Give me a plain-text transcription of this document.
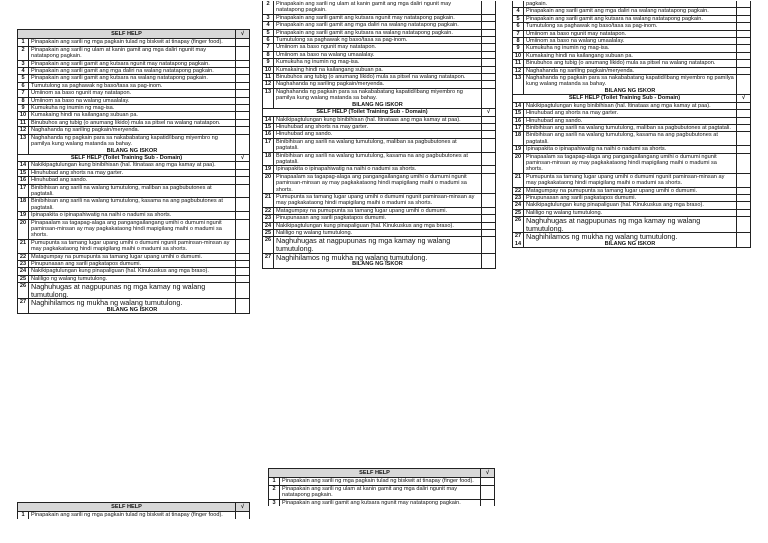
SELF HELP	√
1	Pinapakain ang sarili ng mga pagkain tulad ng biskwit at tinapay (finger food).
2	Pinapakain ang sarili ng ulam at kanin gamit ang mga daliri ngunit may natatapong pagkain.
3	Pinapakain ang sarili gamit ang kutsara ngunit may natatapong pagkain.
4	Pinapakain ang sarili gamit ang mga daliri na walang natatapong pagkain.
5	Pinapakain ang sarili gamit ang kutsara na walang natatapong pagkain.
6	Tumutulong sa paghawak ng baso/tasa sa pag-inom.
7	Umiinom sa baso ngunit may natatapon.
8	Umiinom sa baso na walang umaalalay.
9	Kumukuha ng inumin ng mag-isa.
10 Kumakaing hindi na kailangang subuan pa.
11 Binubuhos ang tubig (o anumang likido) mula sa pitsel na walang natatapon.
12 Naghahanda ng sariling pagkain/meryenda.
13 Naghahanda ng pagkain para sa nakababatang kapatid/ibang miyembro ng pamilya kung walang matanda sa bahay.
BILANG NG ISKOR
SELF HELP (Toilet Training Sub - Domain)	√
14 Nakikipagtulungan kung binibihisan (hal. Itinataas ang mga kamay at paa).
15 Hinuhubad ang shorts na may garter.
16 Hinuhubad ang sando.
17 Binibihisan ang sarili na walang tumutulong, maliban sa pagbubutones at pagtatali.
18 Binibihisan ang sarili na walang tumutulong, kasama na ang pagbubutones at pagtatali.
19 Ipinapakita o ipinapahiwatig na naihi o nadumi sa shorts.
20 Pinapaalam sa tagapag-alaga ang pangangailangang umihi o dumumi ngunit paminsan-minsan ay may pagkakataong hindi mapigilang maihi o madumi sa shorts.
21 Pumupunta sa tamang lugar upang umihi o dumumi ngunit paminsan-minsan ay may pagkakataong hindi mapigilang maihi o madumi sa shorts.
22 Matagumpay na pumupunta sa tamang lugar upang umihi o dumumi.
23 Pinupunasan ang sarili pagkatapos dumumi.
24 Nakikipagtulungan kung pinapaliguan (hal. Kinukuskus ang mga braso).
25 Naliligo ng walang tumutulong.
26 Naghuhugas at nagpupunas ng mga kamay ng walang tumutulong.
27 Naghihilamos ng mukha ng walang tumutulong.
BILANG NG ISKOR
SELF HELP	√
1	Pinapakain ang sarili ng mga pagkain tulad ng biskwit at tinapay (finger food).
2	Pinapakain ang sarili ng ulam at kanin gamit ang mga daliri ngunit may natatapong pagkain.
3	Pinapakain ang sarili gamit ang kutsara ngunit may natatapong pagkain.
4	Pinapakain ang sarili gamit ang mga daliri na walang natatapong pagkain.
5	Pinapakain ang sarili gamit ang kutsara na walang natatapong pagkain.
6	Tumutulong sa paghawak ng baso/tasa sa pag-inom.
7	Umiinom sa baso ngunit may natatapon.
8	Umiinom sa baso na walang umaalalay.
9	Kumukuha ng inumin ng mag-isa.
10 Kumakaing hindi na kailangang subuan pa.
11 Binubuhos ang tubig (o anumang likido) mula sa pitsel na walang natatapon.
12 Naghahanda ng sariling pagkain/meryenda.
13 Naghahanda ng pagkain para sa nakababatang kapatid/ibang miyembro ng pamilya kung walang matanda sa bahay.
BILANG NG ISKOR
SELF HELP (Toilet Training Sub - Domain)	√
14 Nakikipagtulungan kung binibihisan (hal. Itinataas ang mga kamay at paa).
15 Hinuhubad ang shorts na may garter.
16 Hinuhubad ang sando.
17 Binibihisan ang sarili na walang tumutulong, maliban sa pagbubutones at pagtatali.
18 Binibihisan ang sarili na walang tumutulong, kasama na ang pagbubutones at pagtatali.
19 Ipinapakita o ipinapahiwatig na naihi o nadumi sa shorts.
20 Pinapaalam sa tagapag-alaga ang pangangailangang umihi o dumumi ngunit paminsan-minsan ay may pagkakataong hindi mapigilang maihi o madumi sa shorts.
21 Pumupunta sa tamang lugar upang umihi o dumumi ngunit paminsan-minsan ay may pagkakataong hindi mapigilang maihi o madumi sa shorts.
22 Matagumpay na pumupunta sa tamang lugar upang umihi o dumumi.
23 Pinupunasan ang sarili pagkatapos dumumi.
24 Nakikipagtulungan kung pinapaliguan (hal. Kinukuskus ang mga braso).
25 Naliligo ng walang tumutulong.
26 Naghuhugas at nagpupunas ng mga kamay ng walang tumutulong.
27 Naghihilamos ng mukha ng walang tumutulong.
BILANG NG ISKOR
SELF HELP	√
1	Pinapakain ang sarili ng mga pagkain tulad ng biskwit at tinapay (finger food).
2	Pinapakain ang sarili ng ulam at kanin gamit ang mga daliri ngunit may natatapong pagkain.
3	Pinapakain ang sarili gamit ang kutsara ngunit may natatapong pagkain.
pagkain.
4	Pinapakain ang sarili gamit ang mga daliri na walang natatapong pagkain.
5	Pinapakain ang sarili gamit ang kutsara na walang natatapong pagkain.
6	Tumutulong sa paghawak ng baso/tasa sa pag-inom.
7	Umiinom sa baso ngunit may natatapon.
8	Umiinom sa baso na walang umaalalay.
9	Kumukuha ng inumin ng mag-isa.
10 Kumakaing hindi na kailangang subuan pa.
11 Binubuhos ang tubig (o anumang likido) mula sa pitsel na walang natatapon.
12 Naghahanda ng sariling pagkain/meryenda.
13 Naghahanda ng pagkain para sa nakababatang kapatid/ibang miyembro ng pamilya kung walang matanda sa bahay.
BILANG NG ISKOR
SELF HELP (Toilet Training Sub - Domain)	√
14 Nakikipagtulungan kung binibihisan (hal. Itinataas ang mga kamay at paa).
15 Hinuhubad ang shorts na may garter.
16 Hinuhubad ang sando.
17 Binibihisan ang sarili na walang tumutulong, maliban sa pagbubutones at pagtatali.
18 Binibihisan ang sarili na walang tumutulong, kasama na ang pagbubutones at pagtatali.
19 Ipinapakita o ipinapahiwatig na naihi o nadumi sa shorts.
20 Pinapaalam sa tagapag-alaga ang pangangailangang umihi o dumumi ngunit paminsan-minsan ay may pagkakataong hindi mapigilang maihi o madumi sa shorts.
21 Pumupunta sa tamang lugar upang umihi o dumumi ngunit paminsan-minsan ay may pagkakataong hindi mapigilang maihi o madumi sa shorts.
22 Matagumpay na pumupunta sa tamang lugar upang umihi o dumumi.
23 Pinupunasan ang sarili pagkatapos dumumi.
24 Nakikipagtulungan kung pinapaliguan (hal. Kinukuskus ang mga braso).
25 Naliligo ng walang tumutulong.
26 Naghuhugas at nagpupunas ng mga kamay ng walang tumutulong.
27 Naghihilamos ng mukha ng walang tumutulong.
14	BILANG NG ISKOR
